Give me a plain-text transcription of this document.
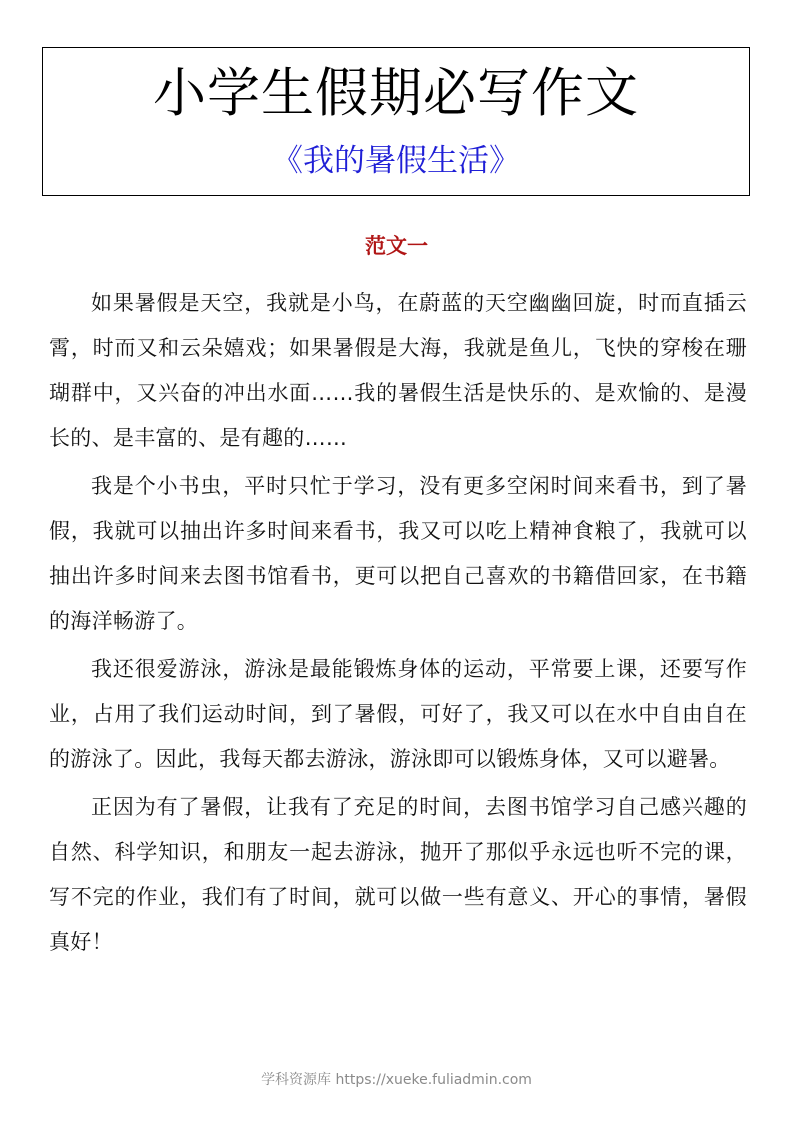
小学生假期必写作文
《我的暑假生活》
范文一

如果暑假是天空，我就是小鸟，在蔚蓝的天空幽幽回旋，时而直插云霄，时而又和云朵嬉戏；如果暑假是大海，我就是鱼儿，飞快的穿梭在珊瑚群中，又兴奋的冲出水面……我的暑假生活是快乐的、是欢愉的、是漫长的、是丰富的、是有趣的……

我是个小书虫，平时只忙于学习，没有更多空闲时间来看书，到了暑假，我就可以抽出许多时间来看书，我又可以吃上精神食粮了，我就可以抽出许多时间来去图书馆看书，更可以把自己喜欢的书籍借回家，在书籍的海洋畅游了。

我还很爱游泳，游泳是最能锻炼身体的运动，平常要上课，还要写作业，占用了我们运动时间，到了暑假，可好了，我又可以在水中自由自在的游泳了。因此，我每天都去游泳，游泳即可以锻炼身体，又可以避暑。

正因为有了暑假，让我有了充足的时间，去图书馆学习自己感兴趣的自然、科学知识，和朋友一起去游泳，抛开了那似乎永远也听不完的课，写不完的作业，我们有了时间，就可以做一些有意义、开心的事情，暑假真好！

学科资源库 https://xueke.fuliadmin.com
